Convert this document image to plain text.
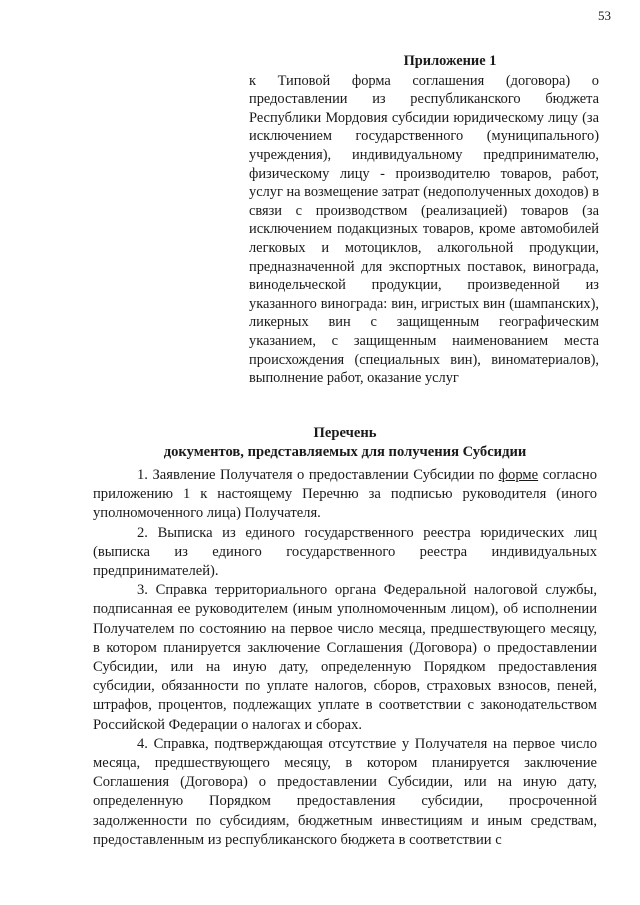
53
Приложение 1
к Типовой форма соглашения (договора) о предоставлении из республиканского бюджета Республики Мордовия субсидии юридическому лицу (за исключением государственного (муниципального) учреждения), индивидуальному предпринимателю, физическому лицу - производителю товаров, работ, услуг на возмещение затрат (недополученных доходов) в связи с производством (реализацией) товаров (за исключением подакцизных товаров, кроме автомобилей легковых и мотоциклов, алкогольной продукции, предназначенной для экспортных поставок, винограда, винодельческой продукции, произведенной из указанного винограда: вин, игристых вин (шампанских), ликерных вин с защищенным географическим указанием, с защищенным наименованием места происхождения (специальных вин), виноматериалов), выполнение работ, оказание услуг
Перечень
документов, представляемых для получения Субсидии

1. Заявление Получателя о предоставлении Субсидии по форме согласно приложению 1 к настоящему Перечню за подписью руководителя (иного уполномоченного лица) Получателя.

2. Выписка из единого государственного реестра юридических лиц (выписка из единого государственного реестра индивидуальных предпринимателей).

3. Справка территориального органа Федеральной налоговой службы, подписанная ее руководителем (иным уполномоченным лицом), об исполнении Получателем по состоянию на первое число месяца, предшествующего месяцу, в котором планируется заключение Соглашения (Договора) о предоставлении Субсидии, или на иную дату, определенную Порядком предоставления субсидии, обязанности по уплате налогов, сборов, страховых взносов, пеней, штрафов, процентов, подлежащих уплате в соответствии с законодательством Российской Федерации о налогах и сборах.

4. Справка, подтверждающая отсутствие у Получателя на первое число месяца, предшествующего месяцу, в котором планируется заключение Соглашения (Договора) о предоставлении Субсидии, или на иную дату, определенную Порядком предоставления субсидии, просроченной задолженности по субсидиям, бюджетным инвестициям и иным средствам, предоставленным из республиканского бюджета в соответствии с
